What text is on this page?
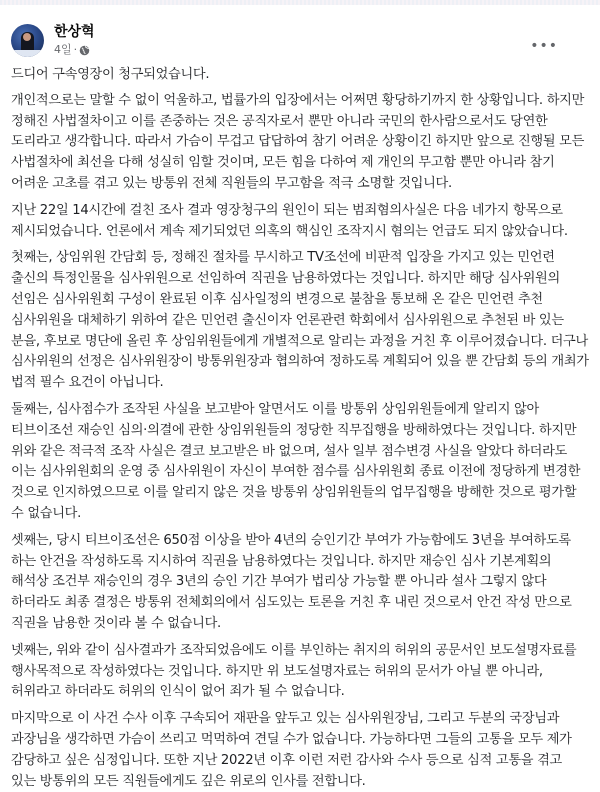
한상혁
4일 ·	•••

드디어 구속영장이 청구되었습니다.

개인적으로는 말할 수 없이 억울하고, 법률가의 입장에서는 어쩌면 황당하기까지 한 상황입니다. 하지만 정해진 사법절차이고 이를 존중하는 것은 공직자로서 뿐만 아니라 국민의 한사람으로서도 당연한 도리라고 생각합니다. 따라서 가슴이 무겁고 답답하여 참기 어려운 상황이긴 하지만 앞으로 진행될 모든 사법절차에 최선을 다해 성실히 임할 것이며, 모든 힘을 다하여 제 개인의 무고함 뿐만 아니라 참기 어려운 고초를 겪고 있는 방통위 전체 직원들의 무고함을 적극 소명할 것입니다.

지난 22일 14시간에 걸친 조사 결과 영장청구의 원인이 되는 범죄혐의사실은 다음 네가지 항목으로 제시되었습니다. 언론에서 계속 제기되었던 의혹의 핵심인 조작지시 혐의는 언급도 되지 않았습니다.

첫째는, 상임위원 간담회 등, 정해진 절차를 무시하고 TV조선에 비판적 입장을 가지고 있는 민언련 출신의 특정인물을 심사위원으로 선임하여 직권을 남용하였다는 것입니다. 하지만 해당 심사위원의 선임은 심사위원회 구성이 완료된 이후 심사일정의 변경으로 불참을 통보해 온 같은 민언련 추천 심사위원을 대체하기 위하여 같은 민언련 출신이자 언론관련 학회에서 심사위원으로 추천된 바 있는 분을, 후보로 명단에 올린 후 상임위원들에게 개별적으로 알리는 과정을 거친 후 이루어졌습니다. 더구나 심사위원의 선정은 심사위원장이 방통위원장과 협의하여 정하도록 계획되어 있을 뿐 간담회 등의 개최가 법적 필수 요건이 아닙니다.

둘째는, 심사점수가 조작된 사실을 보고받아 알면서도 이를 방통위 상임위원들에게 알리지 않아 티브이조선 재승인 심의·의결에 관한 상임위원들의 정당한 직무집행을 방해하였다는 것입니다. 하지만 위와 같은 적극적 조작 사실은 결코 보고받은 바 없으며, 설사 일부 점수변경 사실을 알았다 하더라도 이는 심사위원회의 운영 중 심사위원이 자신이 부여한 점수를 심사위원회 종료 이전에 정당하게 변경한 것으로 인지하였으므로 이를 알리지 않은 것을 방통위 상임위원들의 업무집행을 방해한 것으로 평가할 수 없습니다.

셋째는, 당시 티브이조선은 650점 이상을 받아 4년의 승인기간 부여가 가능함에도 3년을 부여하도록 하는 안건을 작성하도록 지시하여 직권을 남용하였다는 것입니다. 하지만 재승인 심사 기본계획의 해석상 조건부 재승인의 경우 3년의 승인 기간 부여가 법리상 가능할 뿐 아니라 설사 그렇지 않다 하더라도 최종 결정은 방통위 전체회의에서 심도있는 토론을 거친 후 내린 것으로서 안건 작성 만으로 직권을 남용한 것이라 볼 수 없습니다.

넷째는, 위와 같이 심사결과가 조작되었음에도 이를 부인하는 취지의 허위의 공문서인 보도설명자료를 행사목적으로 작성하였다는 것입니다. 하지만 위 보도설명자료는 허위의 문서가 아닐 뿐 아니라, 허위라고 하더라도 허위의 인식이 없어 죄가 될 수 없습니다.

마지막으로 이 사건 수사 이후 구속되어 재판을 앞두고 있는 심사위원장님, 그리고 두분의 국장님과 과장님을 생각하면 가슴이 쓰리고 먹먹하여 견딜 수가 없습니다. 가능하다면 그들의 고통을 모두 제가 감당하고 싶은 심정입니다. 또한 지난 2022년 이후 이런 저런 감사와 수사 등으로 심적 고통을 겪고 있는 방통위의 모든 직원들에게도 깊은 위로의 인사를 전합니다.
